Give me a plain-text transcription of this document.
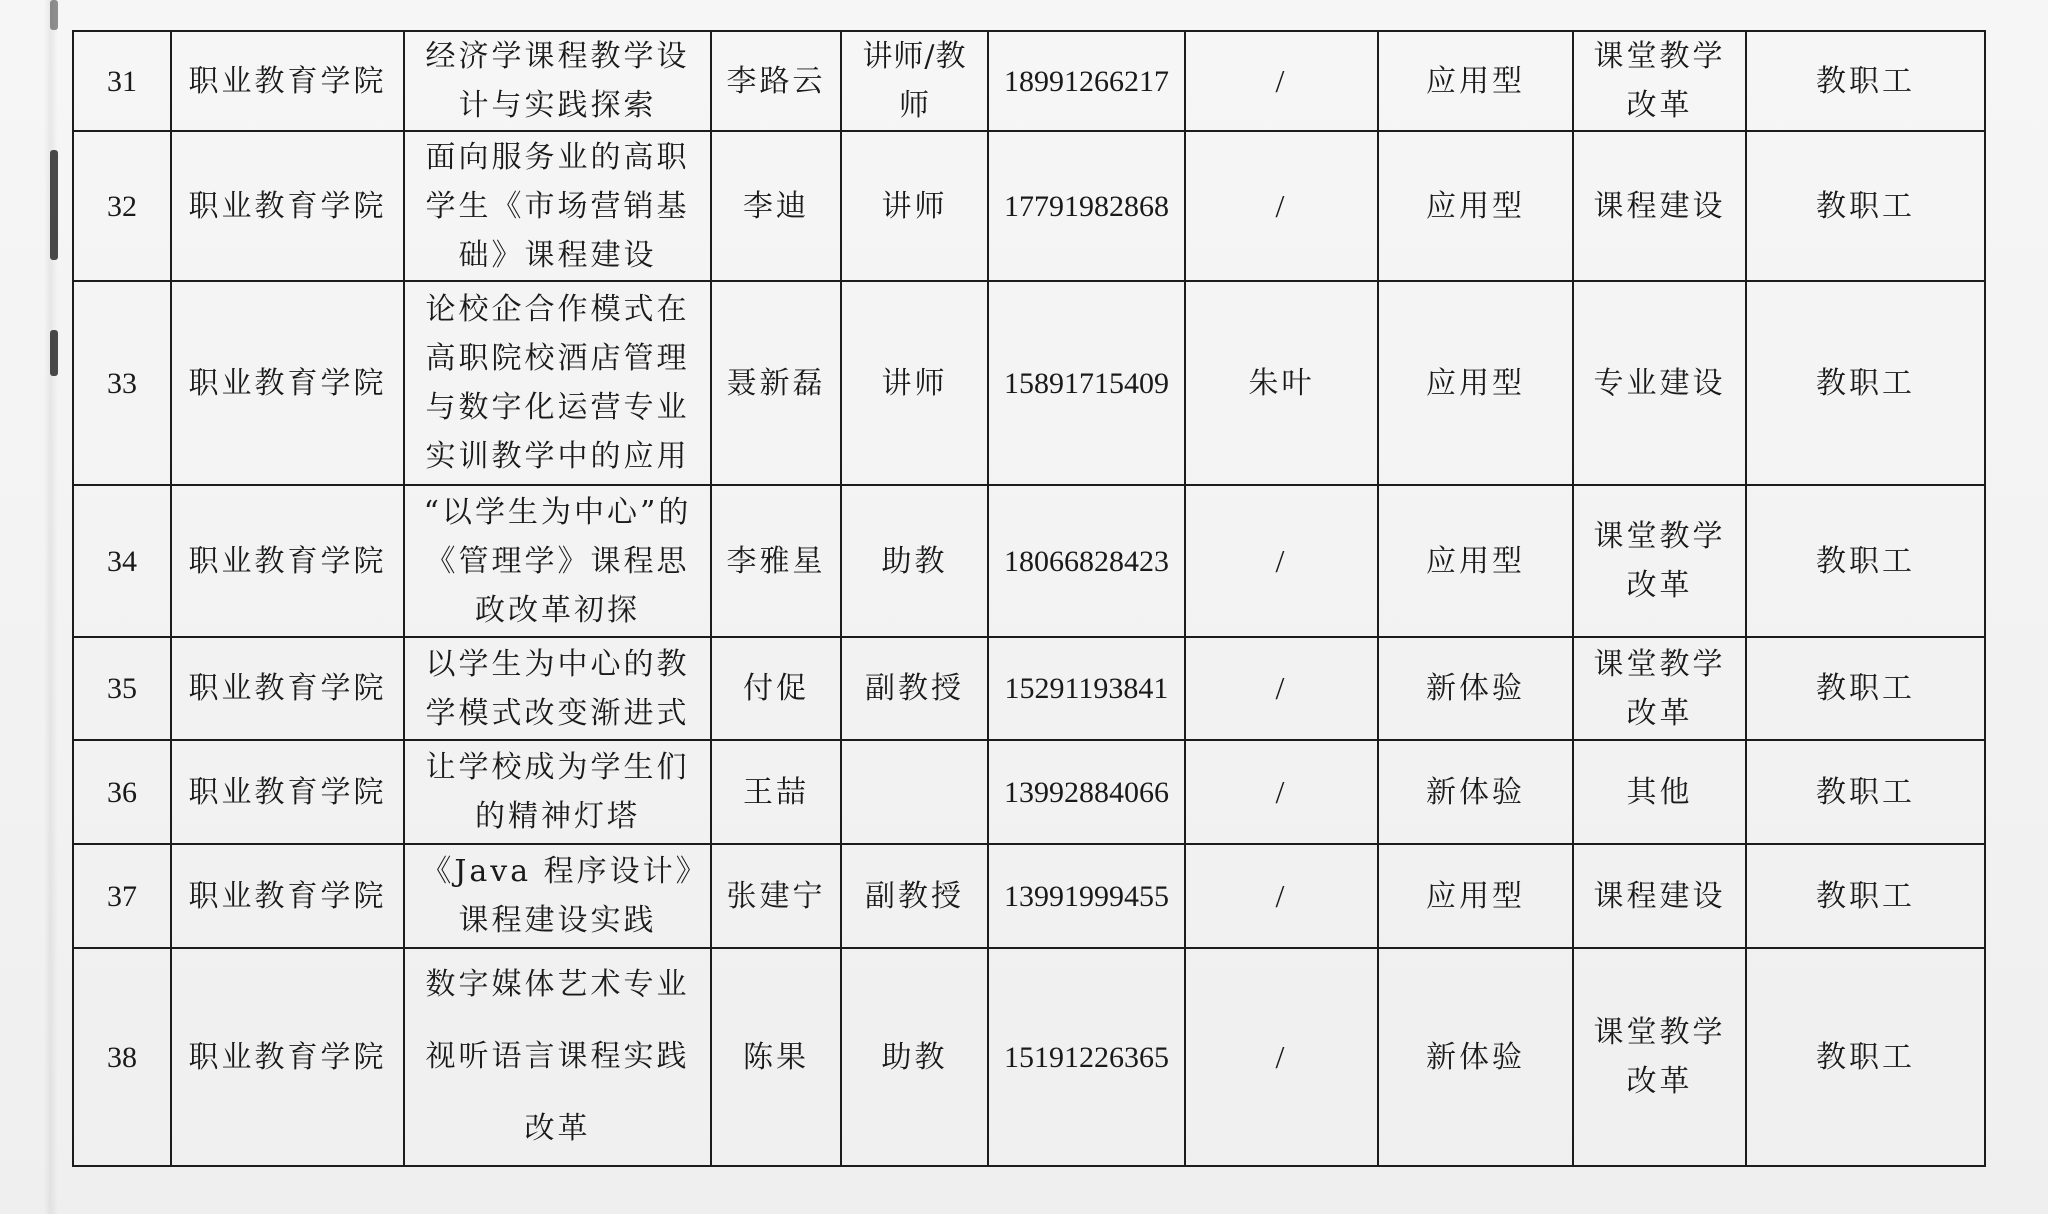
31	职业教育学院	经济学课程教学设计与实践探索	李路云	讲师/教师	18991266217	/	应用型	课堂教学改革	教职工
32	职业教育学院	面向服务业的高职学生《市场营销基础》课程建设	李迪	讲师	17791982868	/	应用型	课程建设	教职工
33	职业教育学院	论校企合作模式在高职院校酒店管理与数字化运营专业实训教学中的应用	聂新磊	讲师	15891715409	朱叶	应用型	专业建设	教职工
34	职业教育学院	“以学生为中心”的《管理学》课程思政改革初探	李雅星	助教	18066828423	/	应用型	课堂教学改革	教职工
35	职业教育学院	以学生为中心的教学模式改变渐进式	付促	副教授	15291193841	/	新体验	课堂教学改革	教职工
36	职业教育学院	让学校成为学生们的精神灯塔	王喆		13992884066	/	新体验	其他	教职工
37	职业教育学院	《Java 程序设计》课程建设实践	张建宁	副教授	13991999455	/	应用型	课程建设	教职工
38	职业教育学院	数字媒体艺术专业视听语言课程实践改革	陈果	助教	15191226365	/	新体验	课堂教学改革	教职工
